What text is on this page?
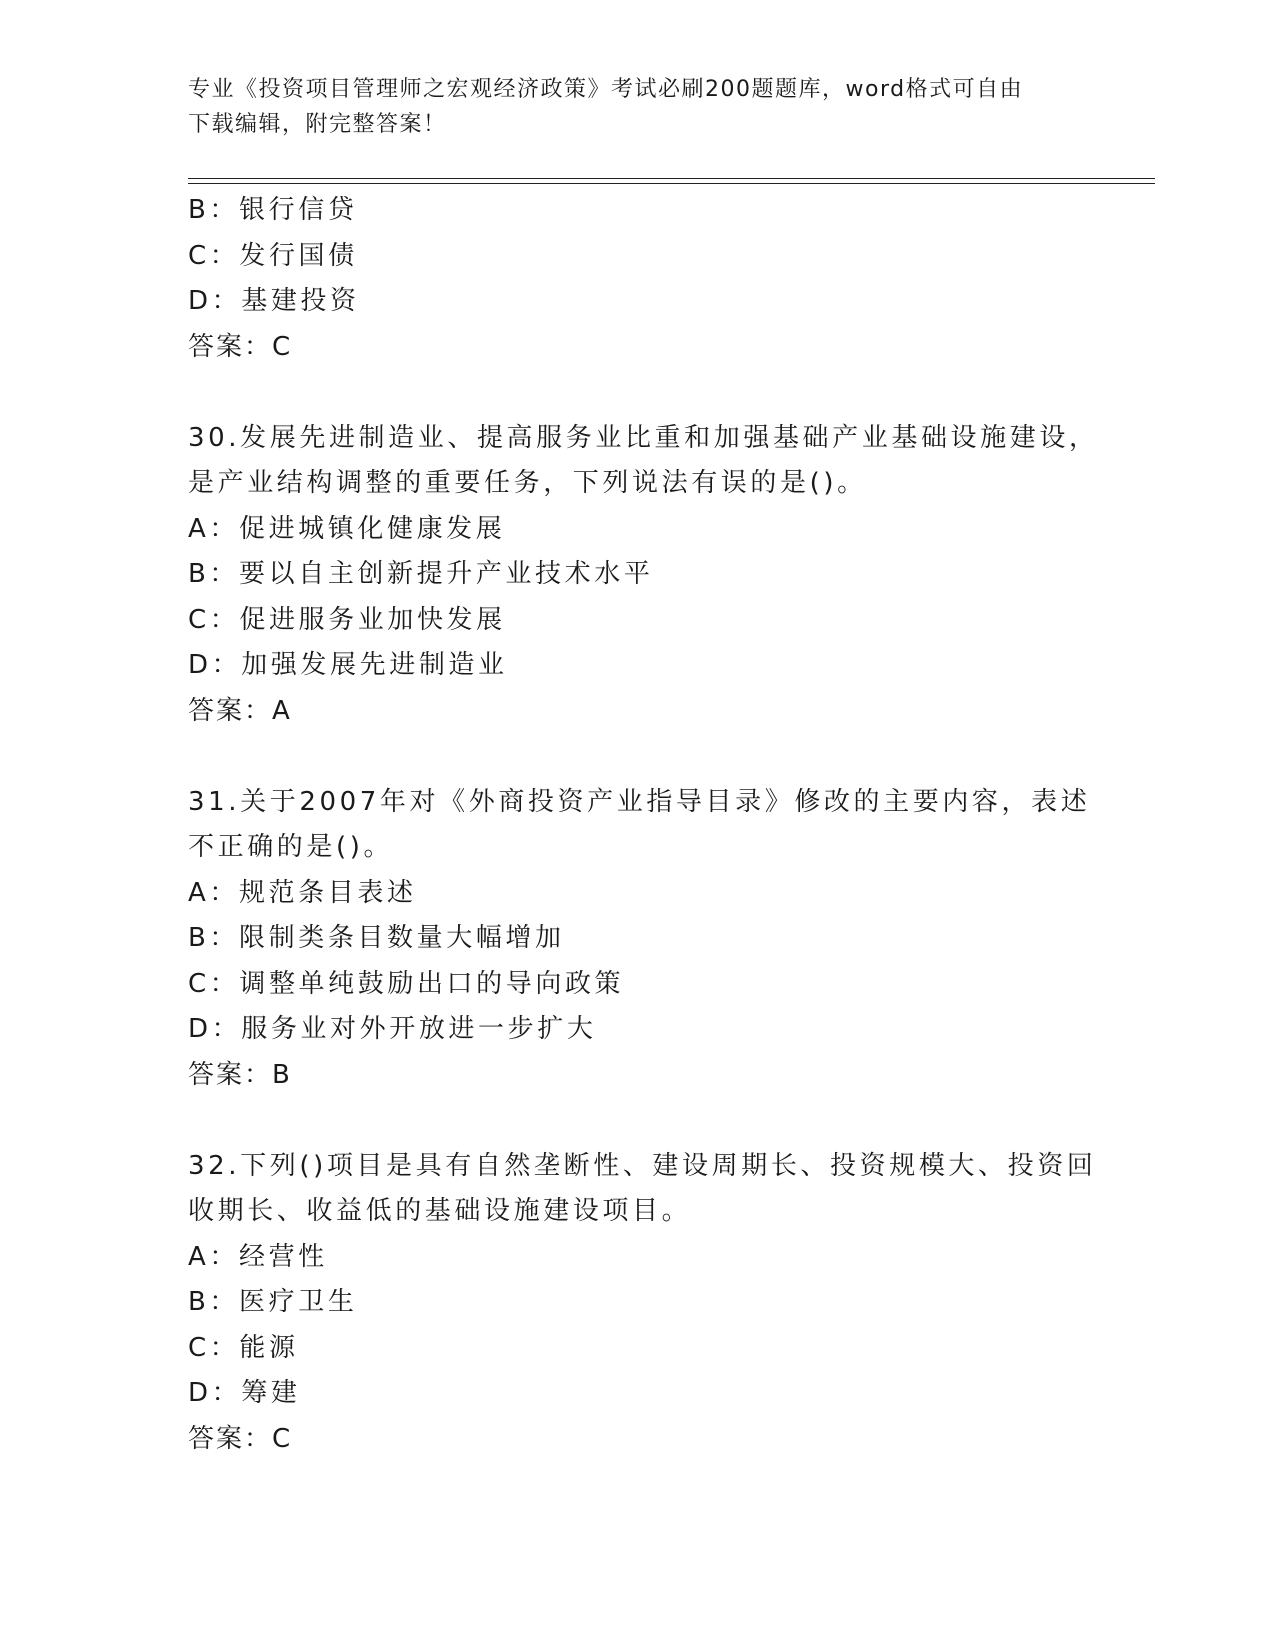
专业《投资项目管理师之宏观经济政策》考试必刷200题题库，word格式可自由
下载编辑，附完整答案！
B：银行信贷
C：发行国债
D：基建投资
答案：C
30.发展先进制造业、提高服务业比重和加强基础产业基础设施建设，
是产业结构调整的重要任务，下列说法有误的是()。
A：促进城镇化健康发展
B：要以自主创新提升产业技术水平
C：促进服务业加快发展
D：加强发展先进制造业
答案：A
31.关于2007年对《外商投资产业指导目录》修改的主要内容，表述
不正确的是()。
A：规范条目表述
B：限制类条目数量大幅增加
C：调整单纯鼓励出口的导向政策
D：服务业对外开放进一步扩大
答案：B
32.下列()项目是具有自然垄断性、建设周期长、投资规模大、投资回
收期长、收益低的基础设施建设项目。
A：经营性
B：医疗卫生
C：能源
D：筹建
答案：C
